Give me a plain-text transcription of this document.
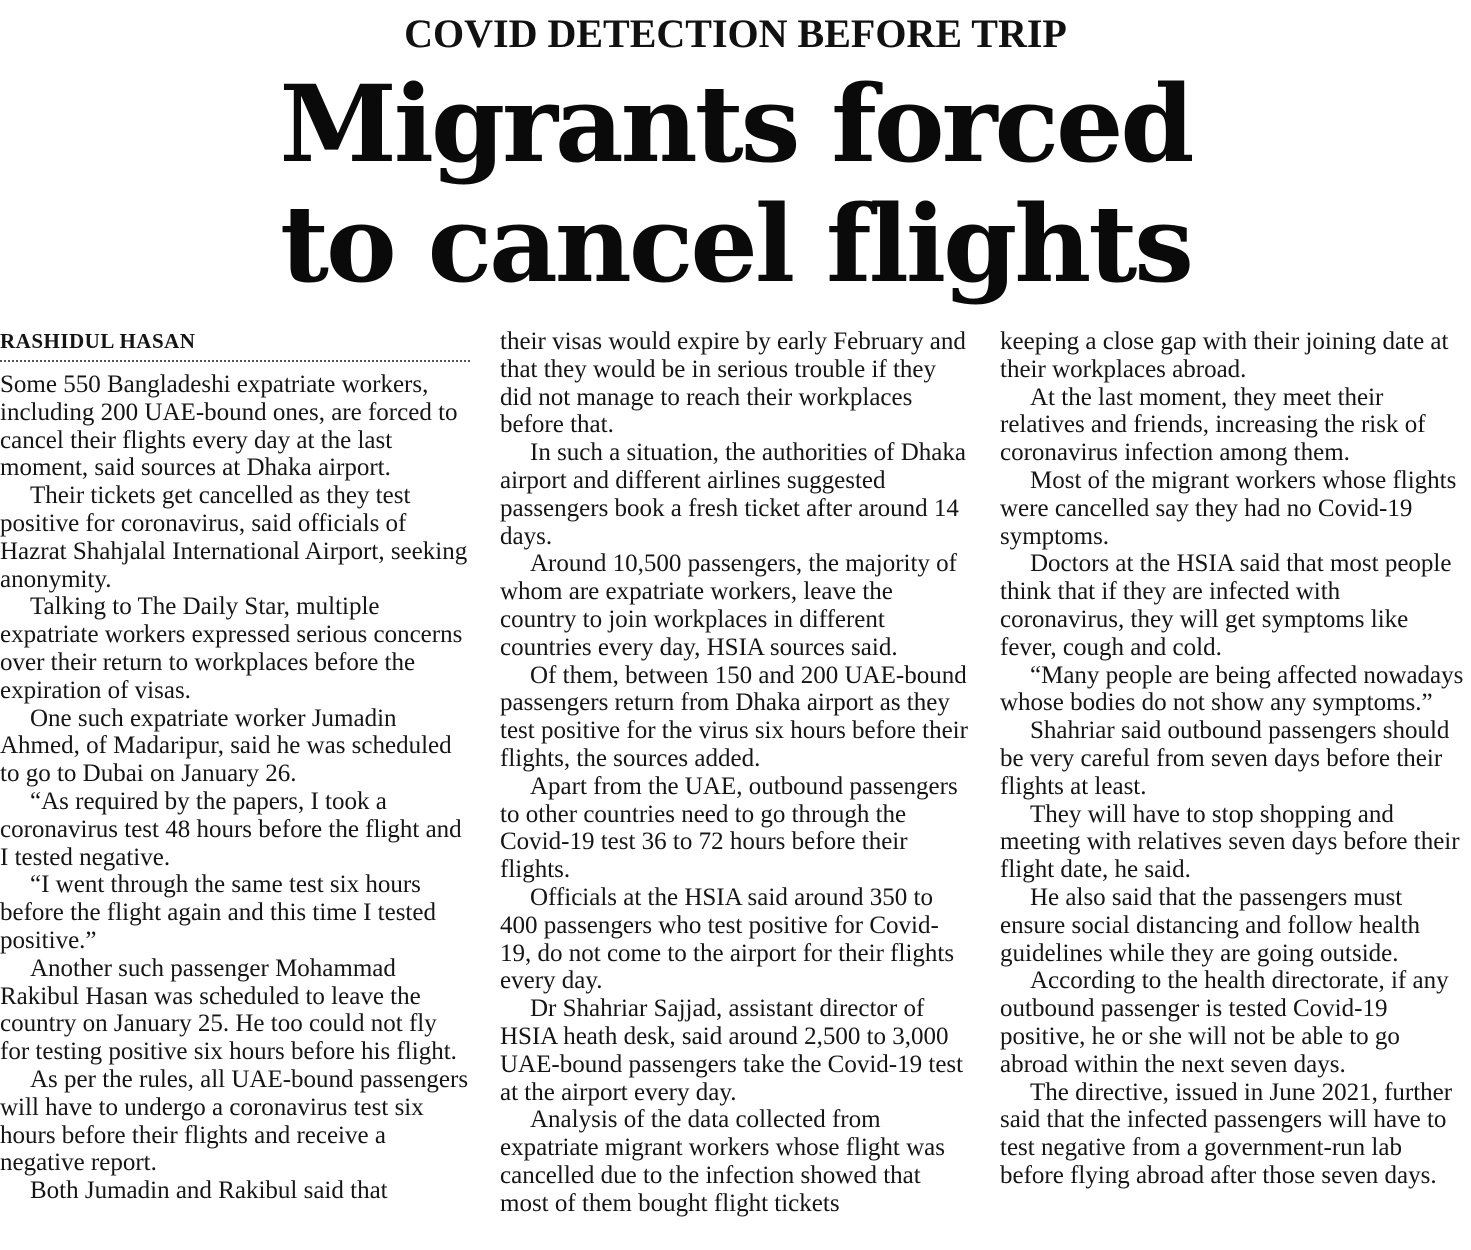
COVID DETECTION BEFORE TRIP
Migrants forced
to cancel flights
RASHIDUL HASAN

Some 550 Bangladeshi expatriate workers, including 200 UAE-bound ones, are forced to cancel their flights every day at the last moment, said sources at Dhaka airport.

Their tickets get cancelled as they test positive for coronavirus, said officials of Hazrat Shahjalal International Airport, seeking anonymity.

Talking to The Daily Star, multiple expatriate workers expressed serious concerns over their return to workplaces before the expiration of visas.

One such expatriate worker Jumadin Ahmed, of Madaripur, said he was scheduled to go to Dubai on January 26.

“As required by the papers, I took a coronavirus test 48 hours before the flight and I tested negative.

“I went through the same test six hours before the flight again and this time I tested positive.”

Another such passenger Mohammad Rakibul Hasan was scheduled to leave the country on January 25. He too could not fly for testing positive six hours before his flight.

As per the rules, all UAE-bound passengers will have to undergo a coronavirus test six hours before their flights and receive a negative report.

Both Jumadin and Rakibul said that

their visas would expire by early February and that they would be in serious trouble if they did not manage to reach their workplaces before that.

In such a situation, the authorities of Dhaka airport and different airlines suggested passengers book a fresh ticket after around 14 days.

Around 10,500 passengers, the majority of whom are expatriate workers, leave the country to join workplaces in different countries every day, HSIA sources said.

Of them, between 150 and 200 UAE-bound passengers return from Dhaka airport as they test positive for the virus six hours before their flights, the sources added.

Apart from the UAE, outbound passengers to other countries need to go through the Covid-19 test 36 to 72 hours before their flights.

Officials at the HSIA said around 350 to 400 passengers who test positive for Covid-19, do not come to the airport for their flights every day.

Dr Shahriar Sajjad, assistant director of HSIA heath desk, said around 2,500 to 3,000 UAE-bound passengers take the Covid-19 test at the airport every day.

Analysis of the data collected from expatriate migrant workers whose flight was cancelled due to the infection showed that most of them bought flight tickets

keeping a close gap with their joining date at their workplaces abroad.

At the last moment, they meet their relatives and friends, increasing the risk of coronavirus infection among them.

Most of the migrant workers whose flights were cancelled say they had no Covid-19 symptoms.

Doctors at the HSIA said that most people think that if they are infected with coronavirus, they will get symptoms like fever, cough and cold.

“Many people are being affected nowadays whose bodies do not show any symptoms.”

Shahriar said outbound passengers should be very careful from seven days before their flights at least.

They will have to stop shopping and meeting with relatives seven days before their flight date, he said.

He also said that the passengers must ensure social distancing and follow health guidelines while they are going outside.

According to the health directorate, if any outbound passenger is tested Covid-19 positive, he or she will not be able to go abroad within the next seven days.

The directive, issued in June 2021, further said that the infected passengers will have to test negative from a government-run lab before flying abroad after those seven days.
